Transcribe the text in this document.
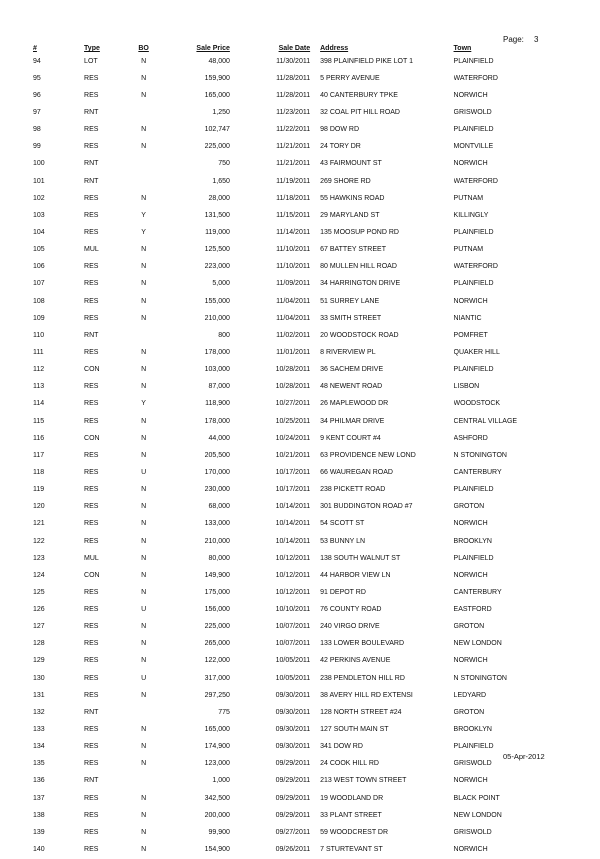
Page: 3
#	Type	BO	Sale Price	Sale Date	Address	Town
94	LOT	N	48,000	11/30/2011	398 PLAINFIELD PIKE LOT 1	PLAINFIELD
95	RES	N	159,900	11/28/2011	5 PERRY AVENUE	WATERFORD
96	RES	N	165,000	11/28/2011	40 CANTERBURY TPKE	NORWICH
97	RNT		1,250	11/23/2011	32 COAL PIT HILL ROAD	GRISWOLD
98	RES	N	102,747	11/22/2011	98 DOW RD	PLAINFIELD
99	RES	N	225,000	11/21/2011	24 TORY DR	MONTVILLE
100	RNT		750	11/21/2011	43 FAIRMOUNT ST	NORWICH
101	RNT		1,650	11/19/2011	269 SHORE RD	WATERFORD
102	RES	N	28,000	11/18/2011	55 HAWKINS ROAD	PUTNAM
103	RES	Y	131,500	11/15/2011	29 MARYLAND ST	KILLINGLY
104	RES	Y	119,000	11/14/2011	135 MOOSUP POND RD	PLAINFIELD
105	MUL	N	125,500	11/10/2011	67 BATTEY STREET	PUTNAM
106	RES	N	223,000	11/10/2011	80 MULLEN HILL ROAD	WATERFORD
107	RES	N	5,000	11/09/2011	34 HARRINGTON DRIVE	PLAINFIELD
108	RES	N	155,000	11/04/2011	51 SURREY LANE	NORWICH
109	RES	N	210,000	11/04/2011	33 SMITH STREET	NIANTIC
110	RNT		800	11/02/2011	20 WOODSTOCK ROAD	POMFRET
111	RES	N	178,000	11/01/2011	8 RIVERVIEW PL	QUAKER HILL
112	CON	N	103,000	10/28/2011	36 SACHEM DRIVE	PLAINFIELD
113	RES	N	87,000	10/28/2011	48 NEWENT ROAD	LISBON
114	RES	Y	118,900	10/27/2011	26 MAPLEWOOD DR	WOODSTOCK
115	RES	N	178,000	10/25/2011	34 PHILMAR DRIVE	CENTRAL VILLAGE
116	CON	N	44,000	10/24/2011	9 KENT COURT #4	ASHFORD
117	RES	N	205,500	10/21/2011	63 PROVIDENCE NEW LOND	N STONINGTON
118	RES	U	170,000	10/17/2011	66 WAUREGAN ROAD	CANTERBURY
119	RES	N	230,000	10/17/2011	238 PICKETT ROAD	PLAINFIELD
120	RES	N	68,000	10/14/2011	301 BUDDINGTON ROAD #7	GROTON
121	RES	N	133,000	10/14/2011	54 SCOTT ST	NORWICH
122	RES	N	210,000	10/14/2011	53 BUNNY LN	BROOKLYN
123	MUL	N	80,000	10/12/2011	138 SOUTH WALNUT ST	PLAINFIELD
124	CON	N	149,900	10/12/2011	44 HARBOR VIEW LN	NORWICH
125	RES	N	175,000	10/12/2011	91 DEPOT RD	CANTERBURY
126	RES	U	156,000	10/10/2011	76 COUNTY ROAD	EASTFORD
127	RES	N	225,000	10/07/2011	240 VIRGO DRIVE	GROTON
128	RES	N	265,000	10/07/2011	133 LOWER BOULEVARD	NEW LONDON
129	RES	N	122,000	10/05/2011	42 PERKINS AVENUE	NORWICH
130	RES	U	317,000	10/05/2011	238 PENDLETON HILL RD	N STONINGTON
131	RES	N	297,250	09/30/2011	38 AVERY HILL RD EXTENSI	LEDYARD
132	RNT		775	09/30/2011	128 NORTH STREET #24	GROTON
133	RES	N	165,000	09/30/2011	127 SOUTH MAIN ST	BROOKLYN
134	RES	N	174,900	09/30/2011	341 DOW RD	PLAINFIELD
135	RES	N	123,000	09/29/2011	24 COOK HILL RD	GRISWOLD
136	RNT		1,000	09/29/2011	213 WEST TOWN STREET	NORWICH
137	RES	N	342,500	09/29/2011	19 WOODLAND DR	BLACK POINT
138	RES	N	200,000	09/29/2011	33 PLANT STREET	NEW LONDON
139	RES	N	99,900	09/27/2011	59 WOODCREST DR	GRISWOLD
140	RES	N	154,900	09/26/2011	7 STURTEVANT ST	NORWICH
05-Apr-2012
